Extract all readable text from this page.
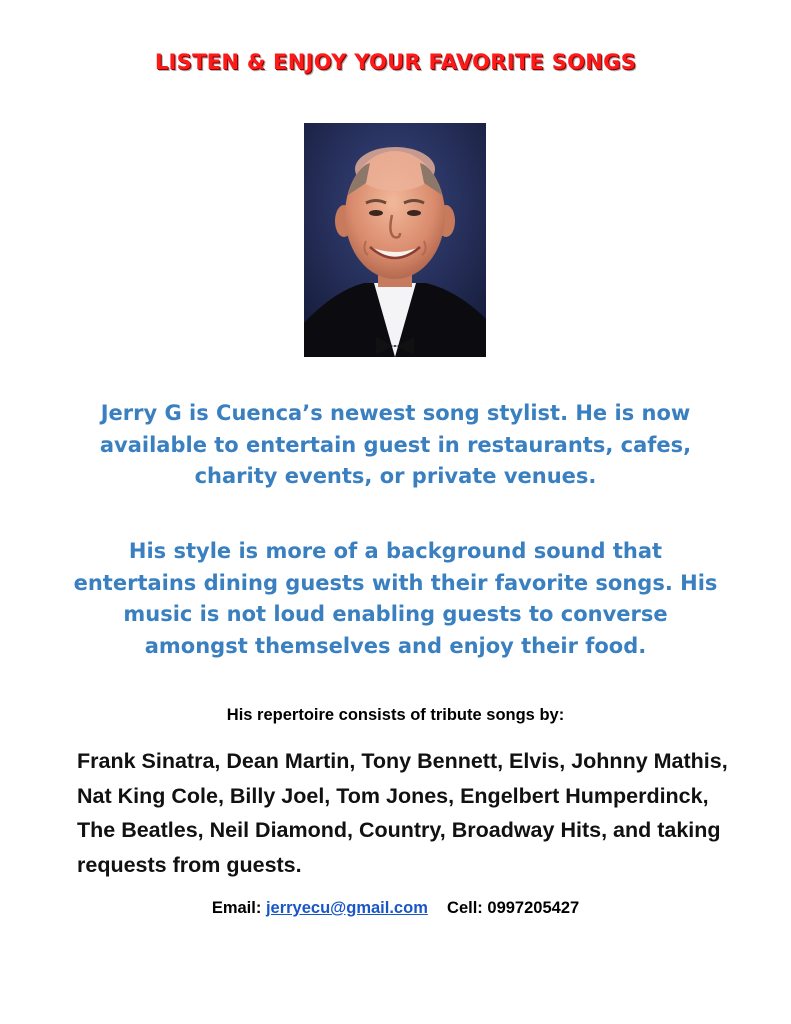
LISTEN & ENJOY YOUR FAVORITE SONGS

Jerry G is Cuenca’s newest song stylist. He is now available to entertain guest in restaurants, cafes, charity events, or private venues.

His style is more of a background sound that entertains dining guests with their favorite songs. His music is not loud enabling guests to converse amongst themselves and enjoy their food.

His repertoire consists of tribute songs by:

Frank Sinatra, Dean Martin, Tony Bennett, Elvis, Johnny Mathis, Nat King Cole, Billy Joel, Tom Jones, Engelbert Humperdinck, The Beatles, Neil Diamond, Country, Broadway Hits, and taking requests from guests.

Email: jerryecu@gmail.com Cell: 0997205427
